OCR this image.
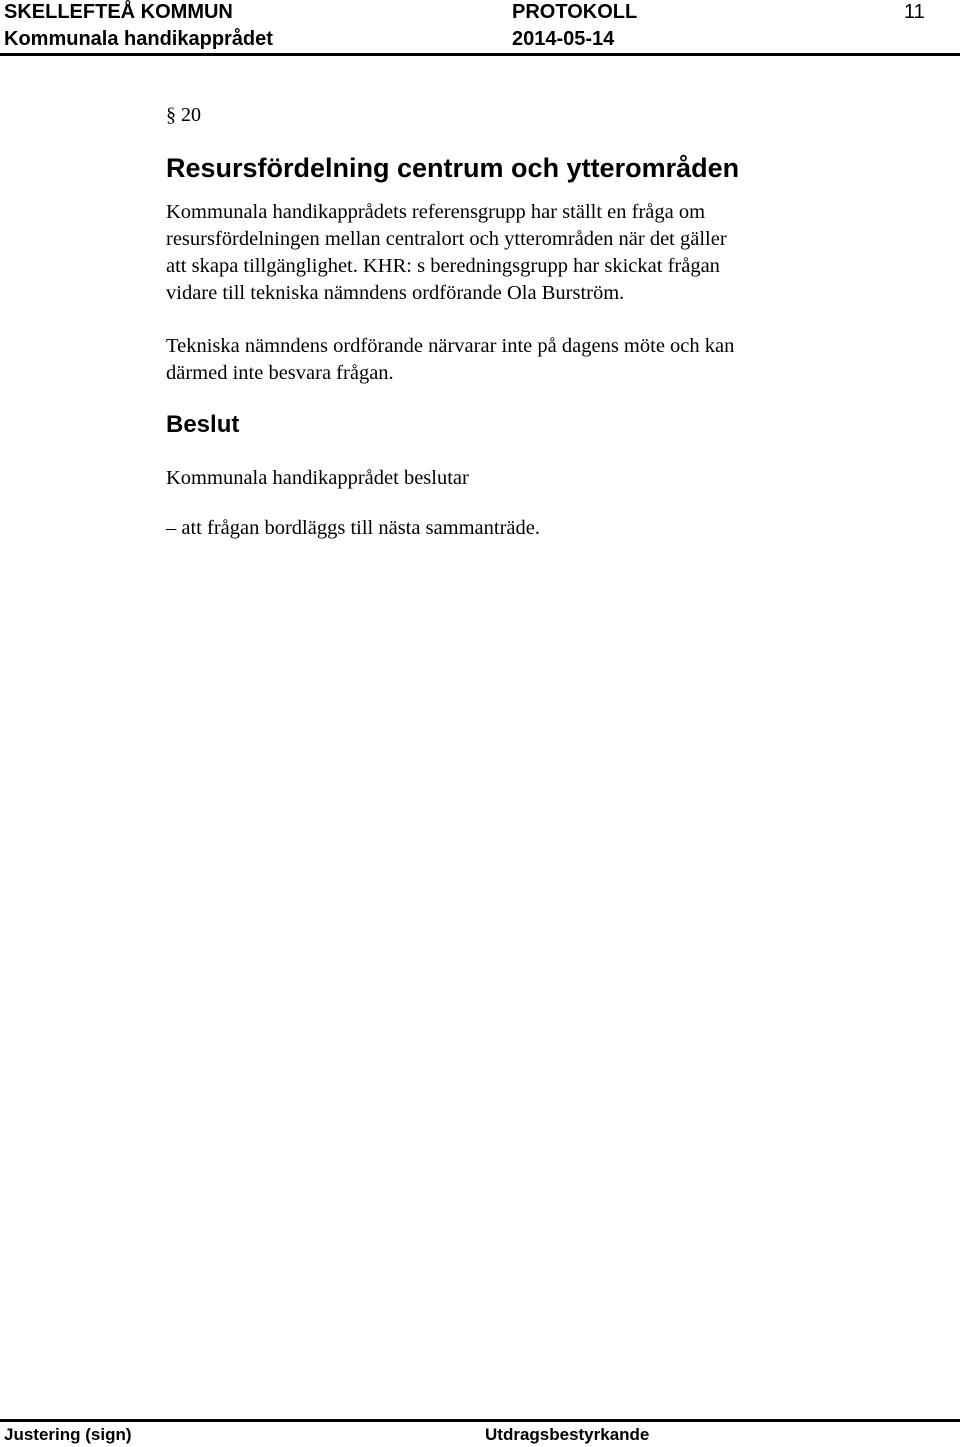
SKELLEFTEÅ KOMMUN
Kommunala handikapprådet
PROTOKOLL
2014-05-14
11
§ 20
Resursfördelning centrum och ytterområden

Kommunala handikapprådets referensgrupp har ställt en fråga om
resursfördelningen mellan centralort och ytterområden när det gäller
att skapa tillgänglighet. KHR: s beredningsgrupp har skickat frågan
vidare till tekniska nämndens ordförande Ola Burström.

Tekniska nämndens ordförande närvarar inte på dagens möte och kan
därmed inte besvara frågan.

Beslut
Kommunala handikapprådet beslutar
– att frågan bordläggs till nästa sammanträde.
Justering (sign)	Utdragsbestyrkande
